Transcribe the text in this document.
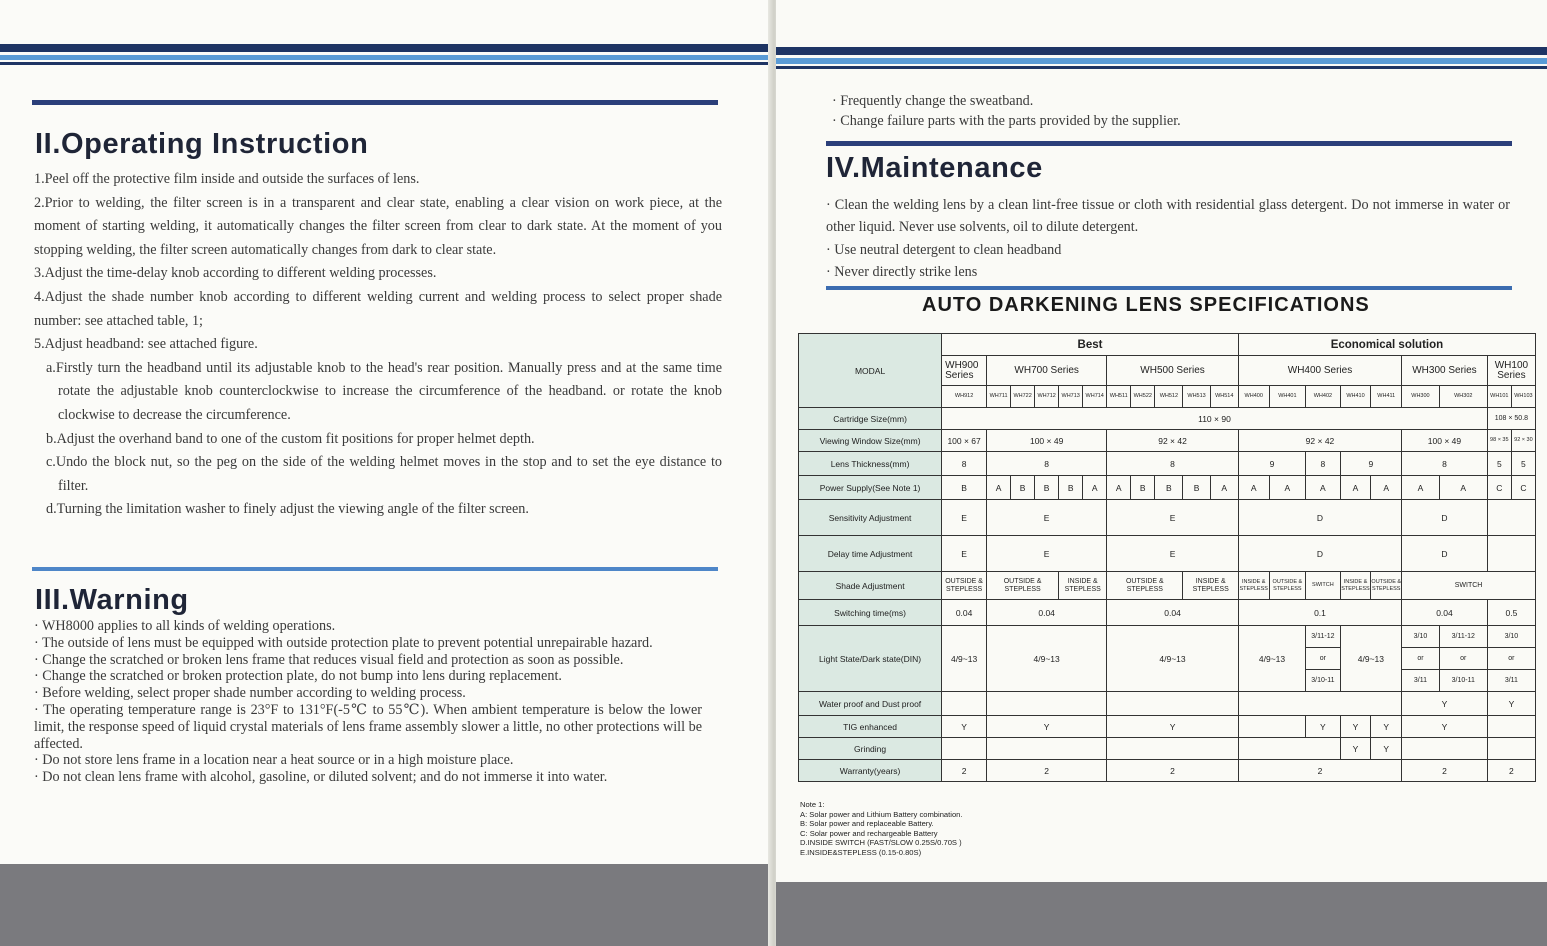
II.Operating Instruction

1.Peel off the protective film inside and outside the surfaces of lens.

2.Prior to welding, the filter screen is in a transparent and clear state, enabling a clear vision on work piece, at the moment of starting welding, it automatically changes the filter screen from clear to dark state. At the moment of you stopping welding, the filter screen automatically changes from dark to clear state.

3.Adjust the time-delay knob according to different welding processes.

4.Adjust the shade number knob according to different welding current and welding process to select proper shade number: see attached table, 1;

5.Adjust headband: see attached figure.

a.Firstly turn the headband until its adjustable knob to the head's rear position. Manually press and at the same time rotate the adjustable knob counterclockwise to increase the circumference of the headband. or rotate the knob clockwise to decrease the circumference.

b.Adjust the overhand band to one of the custom fit positions for proper helmet depth.

c.Undo the block nut, so the peg on the side of the welding helmet moves in the stop and to set the eye distance to filter.

d.Turning the limitation washer to finely adjust the viewing angle of the filter screen.

III.Warning

· WH8000 applies to all kinds of welding operations.

· The outside of lens must be equipped with outside protection plate to prevent potential unrepairable hazard.

· Change the scratched or broken lens frame that reduces visual field and protection as soon as possible.

· Change the scratched or broken protection plate, do not bump into lens during replacement.

· Before welding, select proper shade number according to welding process.

· The operating temperature range is 23°F to 131°F(-5℃ to 55℃). When ambient temperature is below the lower limit, the response speed of liquid crystal materials of lens frame assembly slower a little, no other protections will be affected.

· Do not store lens frame in a location near a heat source or in a high moisture place.

· Do not clean lens frame with alcohol, gasoline, or diluted solvent; and do not immerse it into water.

· Frequently change the sweatband.

· Change failure parts with the parts provided by the supplier.

IV.Maintenance

· Clean the welding lens by a clean lint-free tissue or cloth with residential glass detergent. Do not immerse in water or other liquid. Never use solvents, oil to dilute detergent.

· Use neutral detergent to clean headband

· Never directly strike lens

AUTO DARKENING LENS SPECIFICATIONS
MODAL	Best											Economical solution								
	WH900 Series	WH700 Series					WH500 Series					WH400 Series					WH300 Series		WH100 Series	
	WH912	WH711	WH722	WH712	WH713	WH714	WH511	WH522	WH512	WH513	WH514	WH400	WH401	WH402	WH410	WH411	WH300	WH302	WH101	WH103
Cartridge Size(mm)	110 × 90																		108 × 50.8	
Viewing Window Size(mm)	100 × 67	100 × 49					92 × 42					92 × 42					100 × 49		98 × 35	92 × 30
Lens Thickness(mm)	8	8					8					9		8	9		8		5	5
Power Supply(See Note 1)	B	A	B	B	B	A	A	B	B	B	A	A	A	A	A	A	A	A	C	C
Sensitivity Adjustment	E	E					E					D					D			
Delay time Adjustment	E	E					E					D					D			
Shade Adjustment	OUTSIDE & STEPLESS	OUTSIDE & STEPLESS			INSIDE & STEPLESS		OUTSIDE & STEPLESS			INSIDE & STEPLESS		INSIDE & STEPLESS	OUTSIDE & STEPLESS	SWITCH	INSIDE & STEPLESS	OUTSIDE & STEPLESS	SWITCH			
Switching time(ms)	0.04	0.04					0.04					0.1					0.04		0.5	
Light State/Dark state(DIN)	4/9~13	4/9~13					4/9~13					4/9~13		3/11-12	4/9~13		3/10	3/11-12	3/10	
														or			or	or	or	
														3/10-11			3/11	3/10-11	3/11	
Water proof and Dust proof																	Y		Y	
TIG enhanced	Y	Y					Y							Y	Y	Y	Y			
Grinding															Y	Y				
Warranty(years)	2	2					2					2					2		2	
Note 1:
A: Solar power and Lithium Battery combination.
B: Solar power and replaceable Battery.
C: Solar power and rechargeable Battery
D.INSIDE SWITCH (FAST/SLOW 0.25S/0.70S )
E.INSIDE&STEPLESS (0.15-0.80S)
